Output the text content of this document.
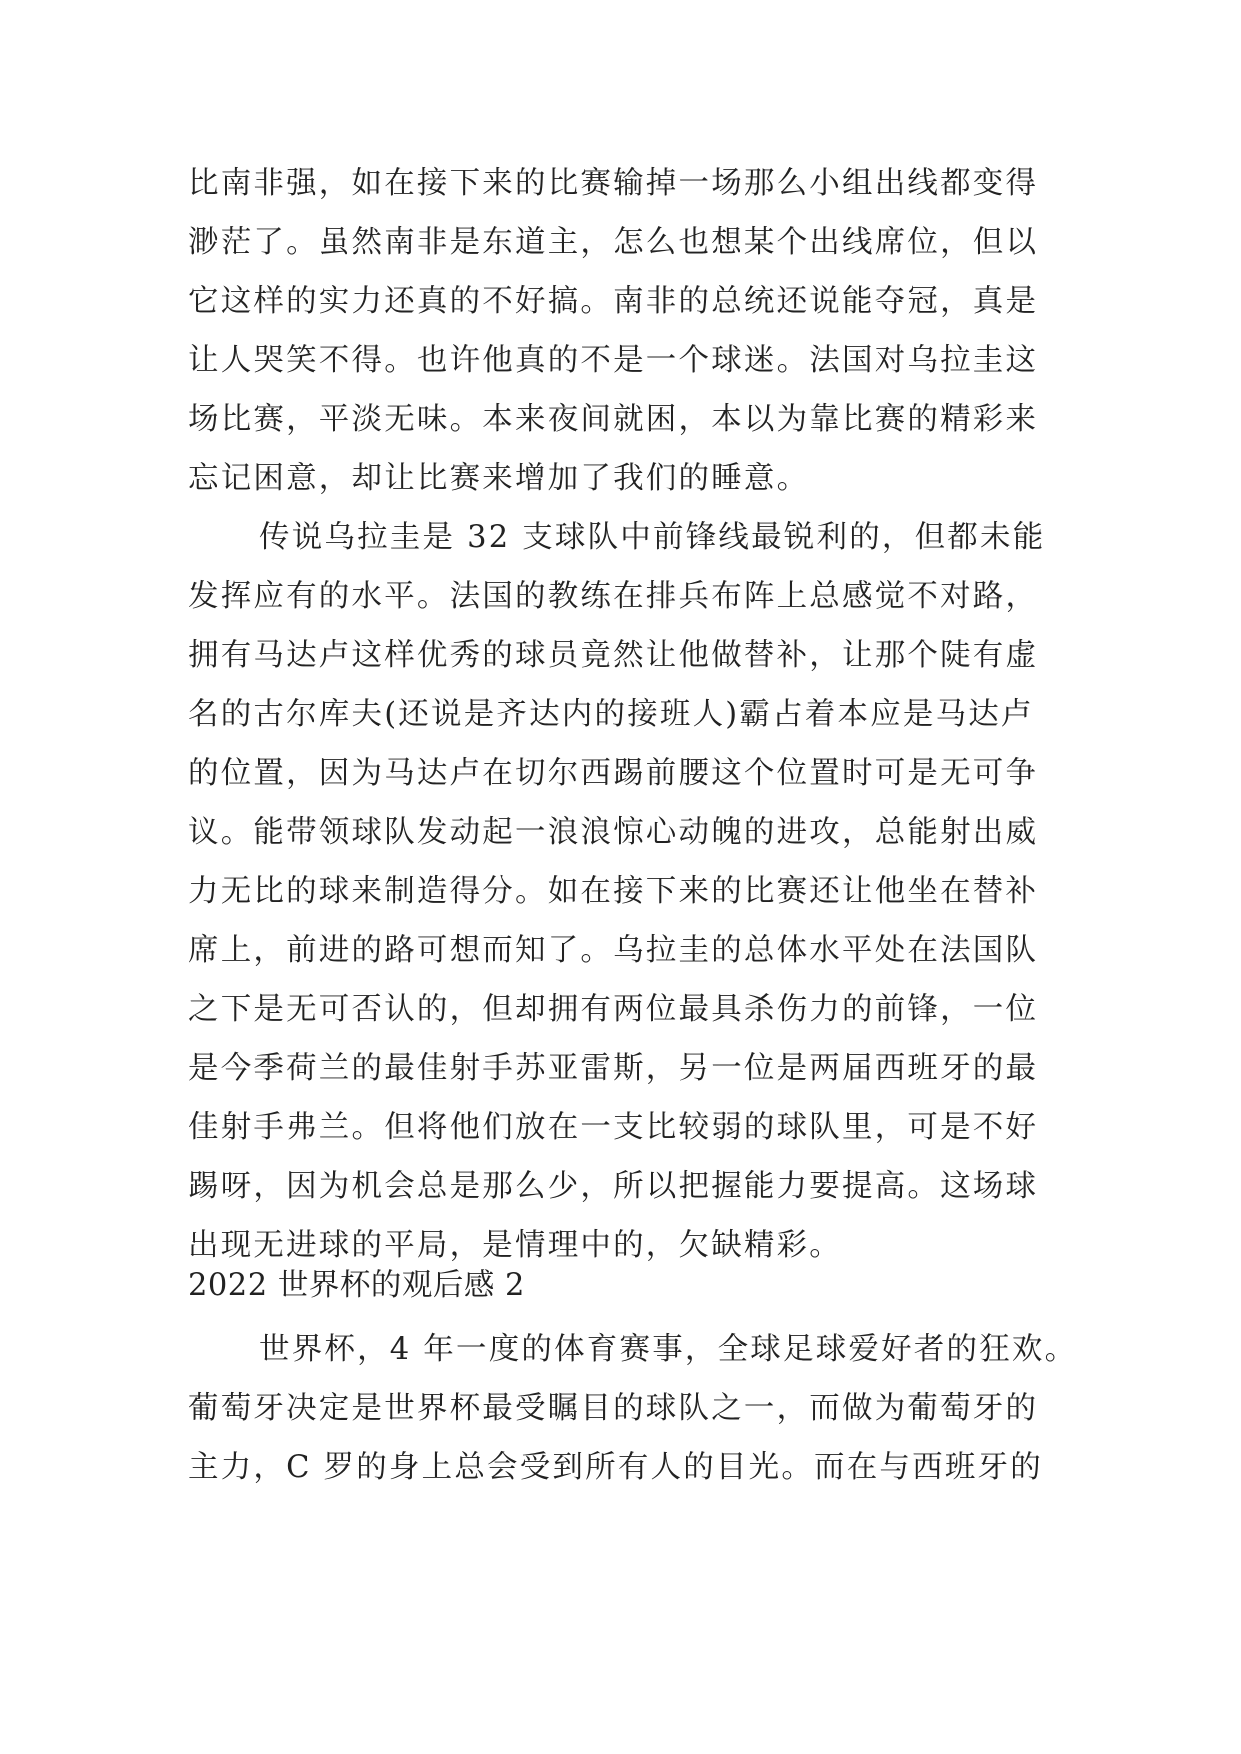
比南非强，如在接下来的比赛输掉一场那么小组出线都变得
渺茫了。虽然南非是东道主，怎么也想某个出线席位，但以
它这样的实力还真的不好搞。南非的总统还说能夺冠，真是
让人哭笑不得。也许他真的不是一个球迷。法国对乌拉圭这
场比赛，平淡无味。本来夜间就困，本以为靠比赛的精彩来
忘记困意，却让比赛来增加了我们的睡意。
传说乌拉圭是 32 支球队中前锋线最锐利的，但都未能
发挥应有的水平。法国的教练在排兵布阵上总感觉不对路，
拥有马达卢这样优秀的球员竟然让他做替补，让那个陡有虚
名的古尔库夫(还说是齐达内的接班人)霸占着本应是马达卢
的位置，因为马达卢在切尔西踢前腰这个位置时可是无可争
议。能带领球队发动起一浪浪惊心动魄的进攻，总能射出威
力无比的球来制造得分。如在接下来的比赛还让他坐在替补
席上，前进的路可想而知了。乌拉圭的总体水平处在法国队
之下是无可否认的，但却拥有两位最具杀伤力的前锋，一位
是今季荷兰的最佳射手苏亚雷斯，另一位是两届西班牙的最
佳射手弗兰。但将他们放在一支比较弱的球队里，可是不好
踢呀，因为机会总是那么少，所以把握能力要提高。这场球
出现无进球的平局，是情理中的，欠缺精彩。
2022 世界杯的观后感 2
世界杯，4 年一度的体育赛事，全球足球爱好者的狂欢。
葡萄牙决定是世界杯最受瞩目的球队之一，而做为葡萄牙的
主力，C 罗的身上总会受到所有人的目光。而在与西班牙的
